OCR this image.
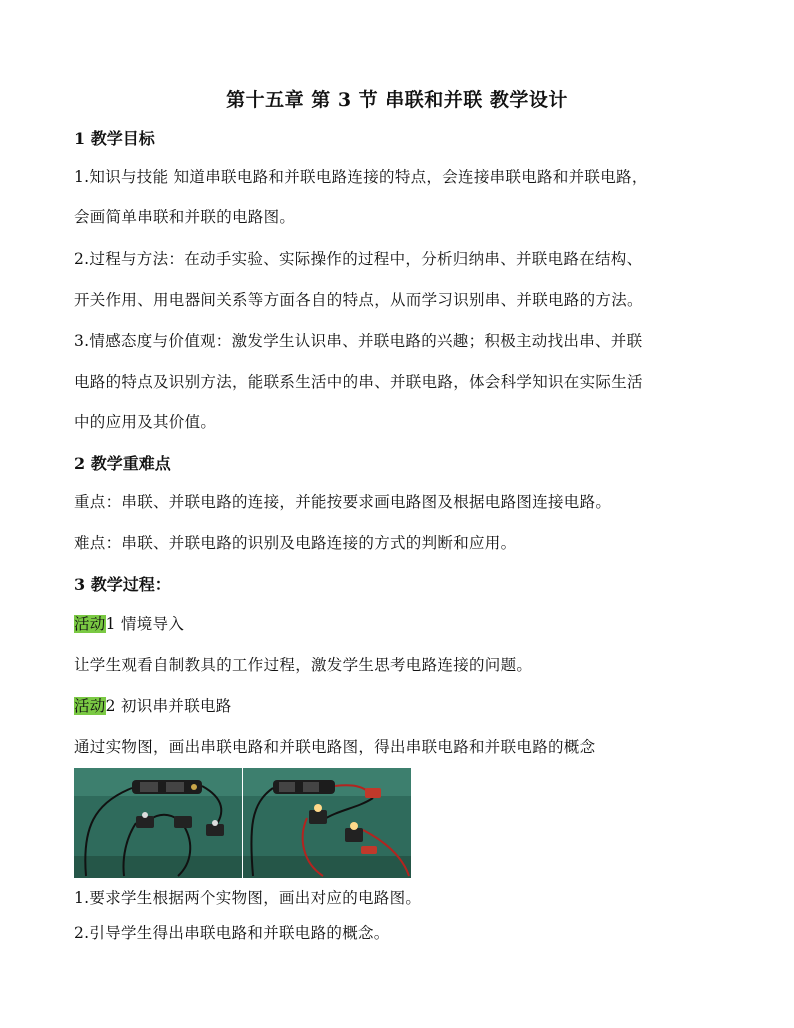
第十五章 第 3 节 串联和并联 教学设计
1 教学目标
1.知识与技能 知道串联电路和并联电路连接的特点，会连接串联电路和并联电路，
会画简单串联和并联的电路图。
2.过程与方法：在动手实验、实际操作的过程中，分析归纳串、并联电路在结构、
开关作用、用电器间关系等方面各自的特点，从而学习识别串、并联电路的方法。
3.情感态度与价值观：激发学生认识串、并联电路的兴趣；积极主动找出串、并联
电路的特点及识别方法，能联系生活中的串、并联电路，体会科学知识在实际生活
中的应用及其价值。
2 教学重难点
重点：串联、并联电路的连接，并能按要求画电路图及根据电路图连接电路。
难点：串联、并联电路的识别及电路连接的方式的判断和应用。
3 教学过程：
活动1 情境导入
让学生观看自制教具的工作过程，激发学生思考电路连接的问题。
活动2 初识串并联电路
通过实物图，画出串联电路和并联电路图，得出串联电路和并联电路的概念
1.要求学生根据两个实物图，画出对应的电路图。
2.引导学生得出串联电路和并联电路的概念。
